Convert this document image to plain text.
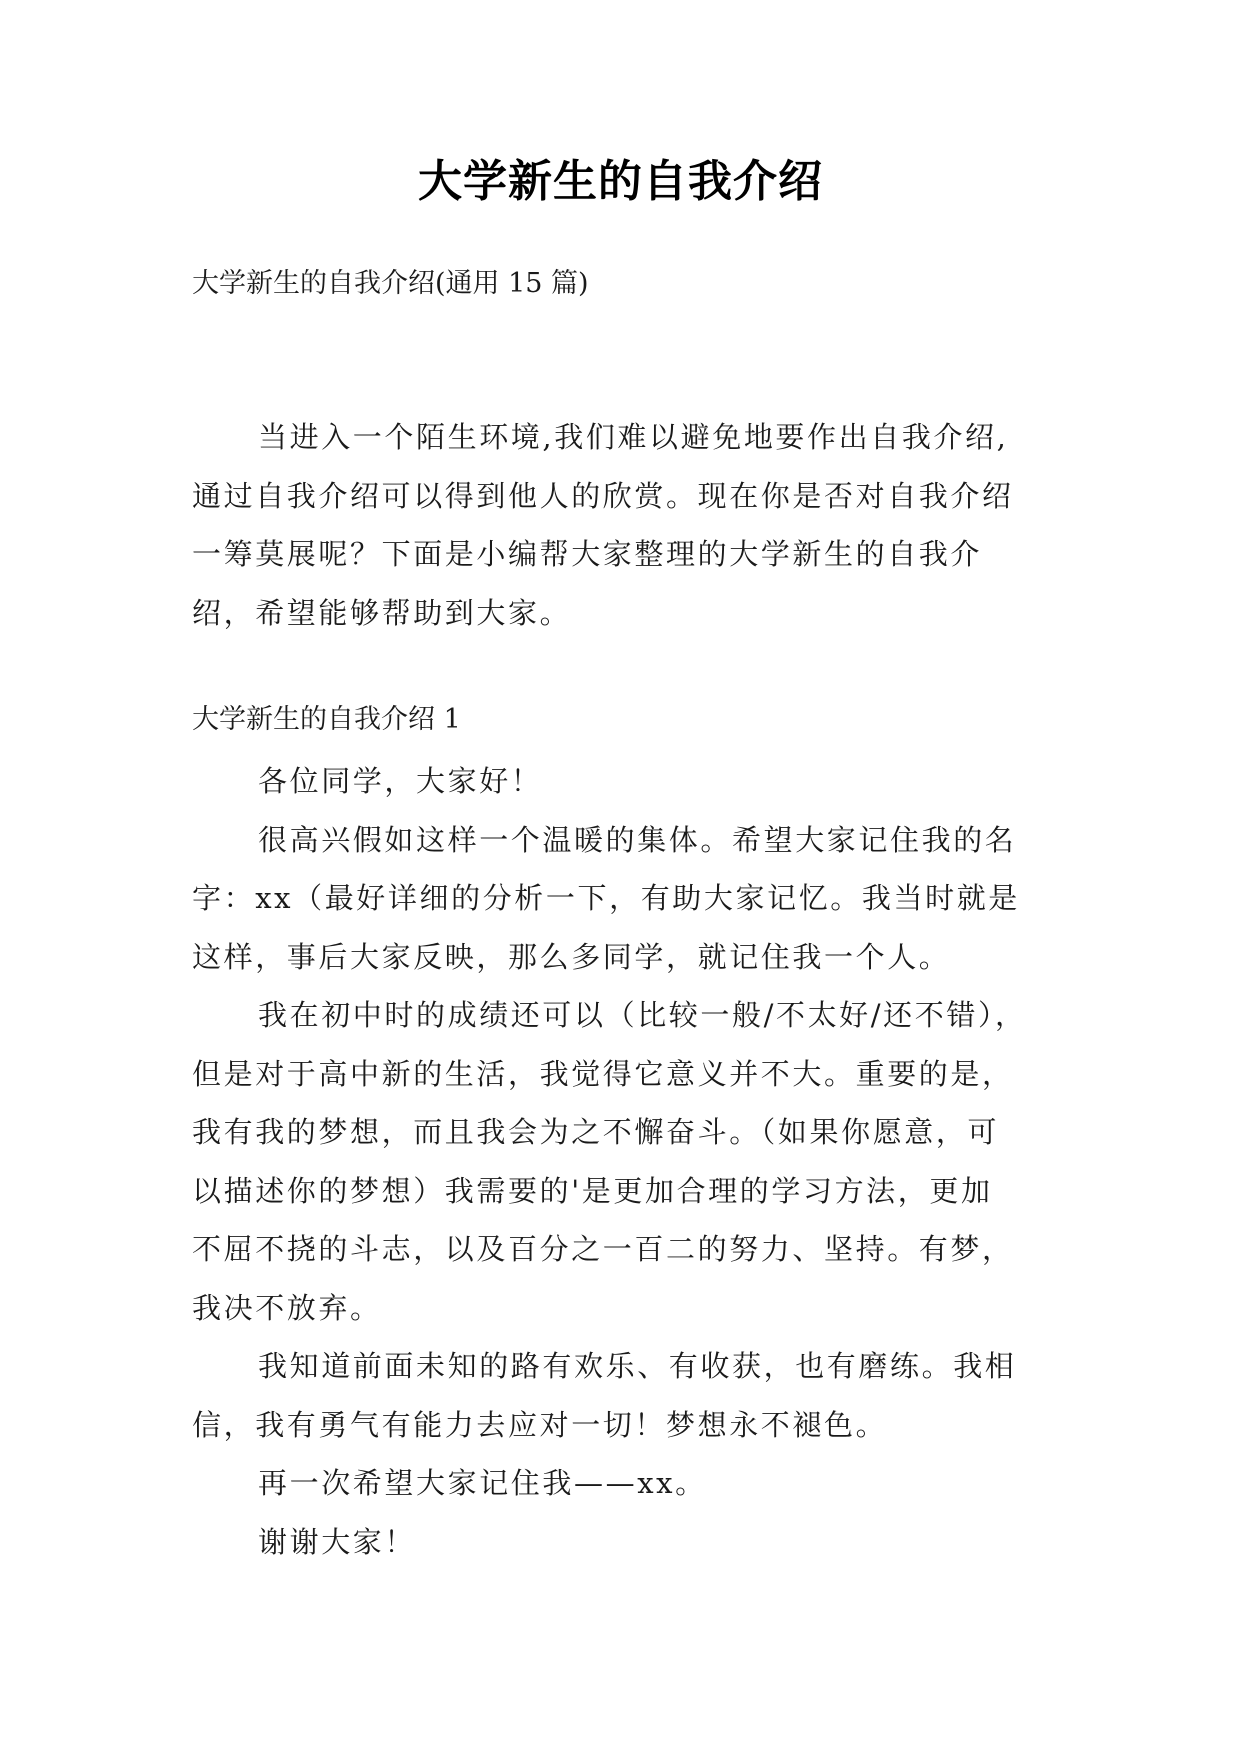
大学新生的自我介绍

大学新生的自我介绍(通用 15 篇)

当进入一个陌生环境,我们难以避免地要作出自我介绍,
通过自我介绍可以得到他人的欣赏。现在你是否对自我介绍
一筹莫展呢？下面是小编帮大家整理的大学新生的自我介
绍，希望能够帮助到大家。

大学新生的自我介绍 1

各位同学，大家好！
很高兴假如这样一个温暖的集体。希望大家记住我的名
字：xx（最好详细的分析一下，有助大家记忆。我当时就是
这样，事后大家反映，那么多同学，就记住我一个人。
我在初中时的成绩还可以（比较一般/不太好/还不错），
但是对于高中新的生活，我觉得它意义并不大。重要的是，
我有我的梦想，而且我会为之不懈奋斗。（如果你愿意，可
以描述你的梦想）我需要的'是更加合理的学习方法，更加
不屈不挠的斗志，以及百分之一百二的努力、坚持。有梦，
我决不放弃。
我知道前面未知的路有欢乐、有收获，也有磨练。我相
信，我有勇气有能力去应对一切！梦想永不褪色。
再一次希望大家记住我——xx。
谢谢大家！
